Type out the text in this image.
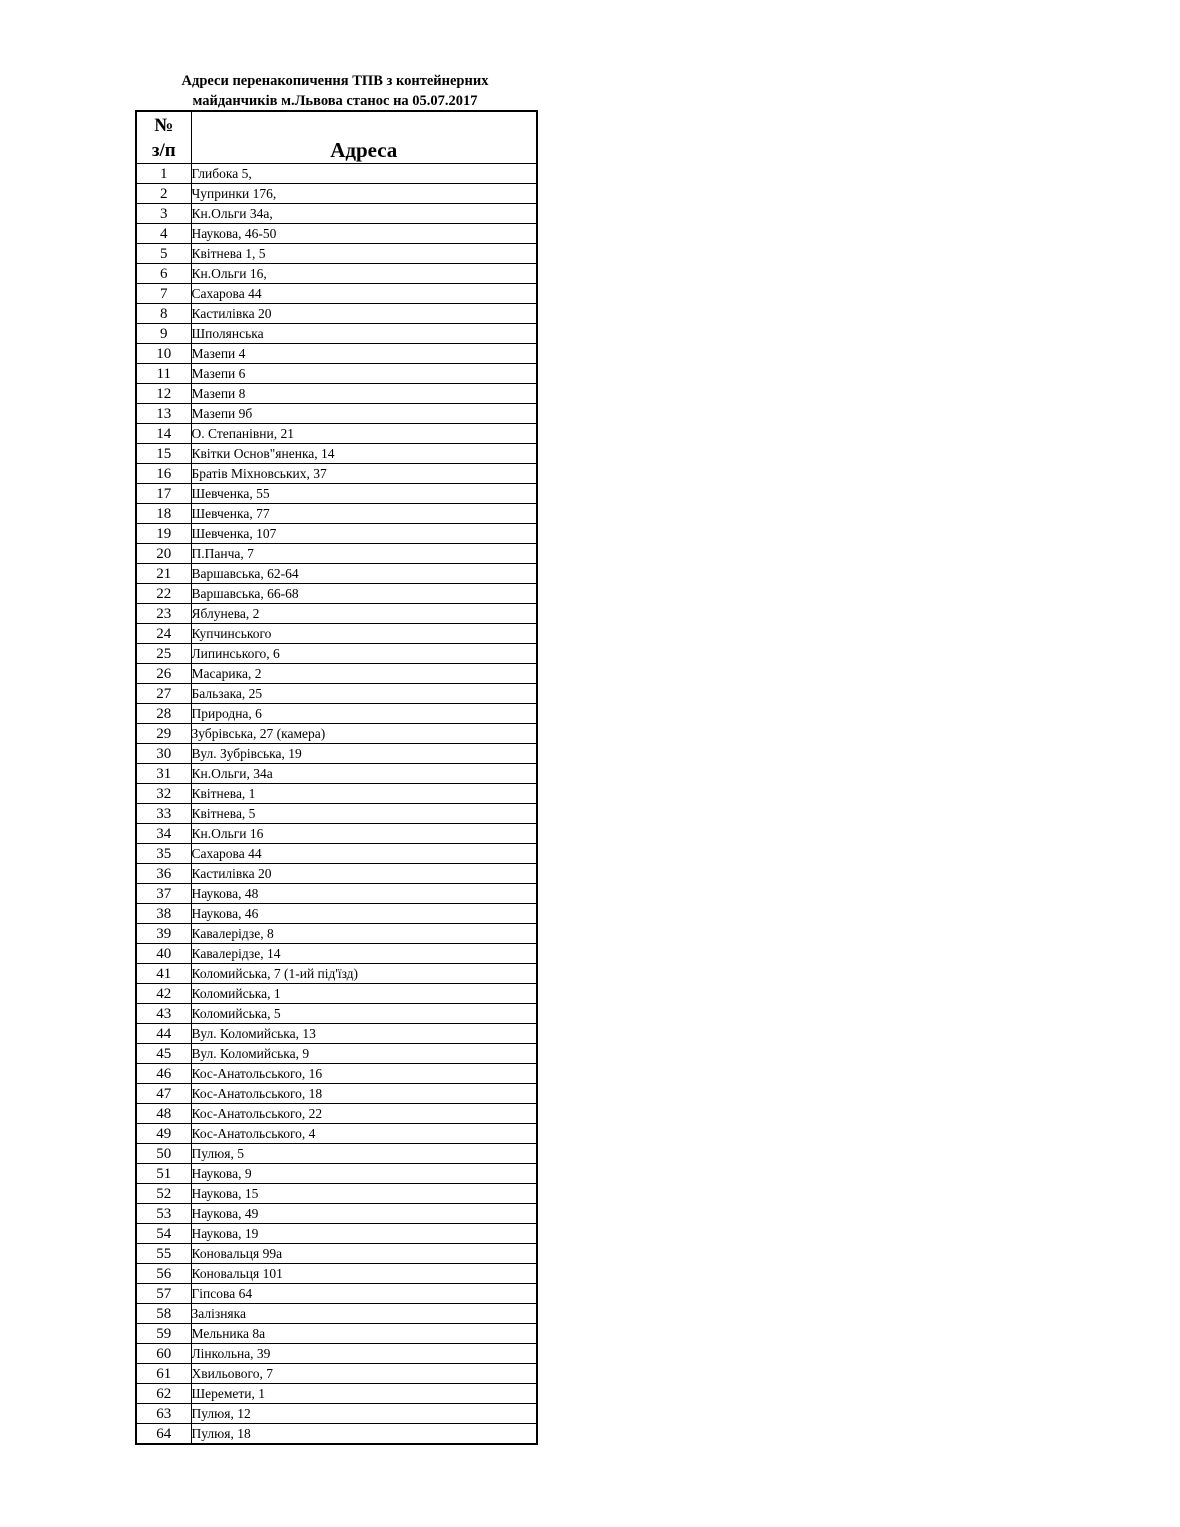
Адреси перенакопичення ТПВ з контейнерних
майданчиків м.Львова станос на 05.07.2017
№
з/п	Адреса
1	Глибока 5,
2	Чупринки 176,
3	Кн.Ольги 34а,
4	Наукова, 46-50
5	Квітнева 1, 5
6	Кн.Ольги 16,
7	Сахарова 44
8	Кастилівка 20
9	Шполянська
10	Мазепи 4
11	Мазепи 6
12	Мазепи 8
13	Мазепи 9б
14	О. Степанівни, 21
15	Квітки Основ"яненка, 14
16	Братів Міхновських, 37
17	Шевченка, 55
18	Шевченка, 77
19	Шевченка, 107
20	П.Панча, 7
21	Варшавська, 62-64
22	Варшавська, 66-68
23	Яблунева, 2
24	Купчинського
25	Липинського, 6
26	Масарика, 2
27	Бальзака, 25
28	Природна, 6
29	Зубрівська, 27 (камера)
30	Вул. Зубрівська, 19
31	Кн.Ольги, 34а
32	Квітнева, 1
33	Квітнева, 5
34	Кн.Ольги 16
35	Сахарова 44
36	Кастилівка 20
37	Наукова, 48
38	Наукова, 46
39	Кавалерідзе, 8
40	Кавалерідзе, 14
41	Коломийська, 7 (1-ий під'їзд)
42	Коломийська, 1
43	Коломийська, 5
44	Вул. Коломийська, 13
45	Вул. Коломийська, 9
46	Кос-Анатольського, 16
47	Кос-Анатольського, 18
48	Кос-Анатольського, 22
49	Кос-Анатольського, 4
50	Пулюя, 5
51	Наукова, 9
52	Наукова, 15
53	Наукова, 49
54	Наукова, 19
55	Коновальця 99а
56	Коновальця 101
57	Гіпсова 64
58	Залізняка
59	Мельника 8а
60	Лінкольна, 39
61	Хвильового, 7
62	Шеремети, 1
63	Пулюя, 12
64	Пулюя, 18
